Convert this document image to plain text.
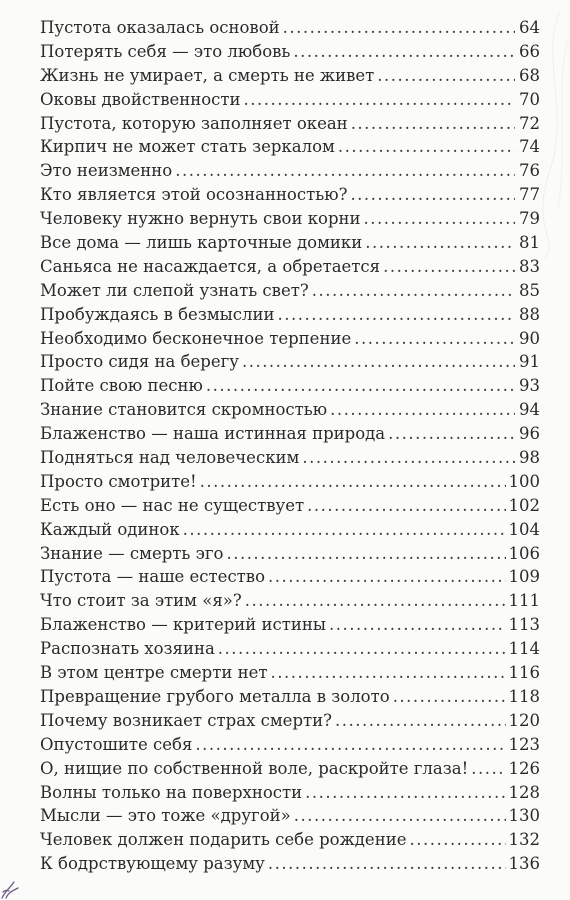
Пустота оказалась основой .....	64
Потерять себя — это любовь .....	66
Жизнь не умирает, а смерть не живет .....	68
Оковы двойственности .....	70
Пустота, которую заполняет океан .....	72
Кирпич не может стать зеркалом .....	74
Это неизменно .....	76
Кто является этой осознанностью? .....	77
Человеку нужно вернуть свои корни .....	79
Все дома — лишь карточные домики .....	81
Саньяса не насаждается, а обретается .....	83
Может ли слепой узнать свет? .....	85
Пробуждаясь в безмыслии .....	88
Необходимо бесконечное терпение .....	90
Просто сидя на берегу .....	91
Пойте свою песню .....	93
Знание становится скромностью .....	94
Блаженство — наша истинная природа .....	96
Подняться над человеческим .....	98
Просто смотрите! .....	100
Есть оно — нас не существует .....	102
Каждый одинок .....	104
Знание — смерть эго .....	106
Пустота — наше естество .....	109
Что стоит за этим «я»? .....	111
Блаженство — критерий истины .....	113
Распознать хозяина .....	114
В этом центре смерти нет .....	116
Превращение грубого металла в золото .....	118
Почему возникает страх смерти? .....	120
Опустошите себя .....	123
О, нищие по собственной воле, раскройте глаза! ..... 126
Волны только на поверхности .....	128
Мысли — это тоже «другой» .....	130
Человек должен подарить себе рождение .....	132
К бодрствующему разуму .....	136
